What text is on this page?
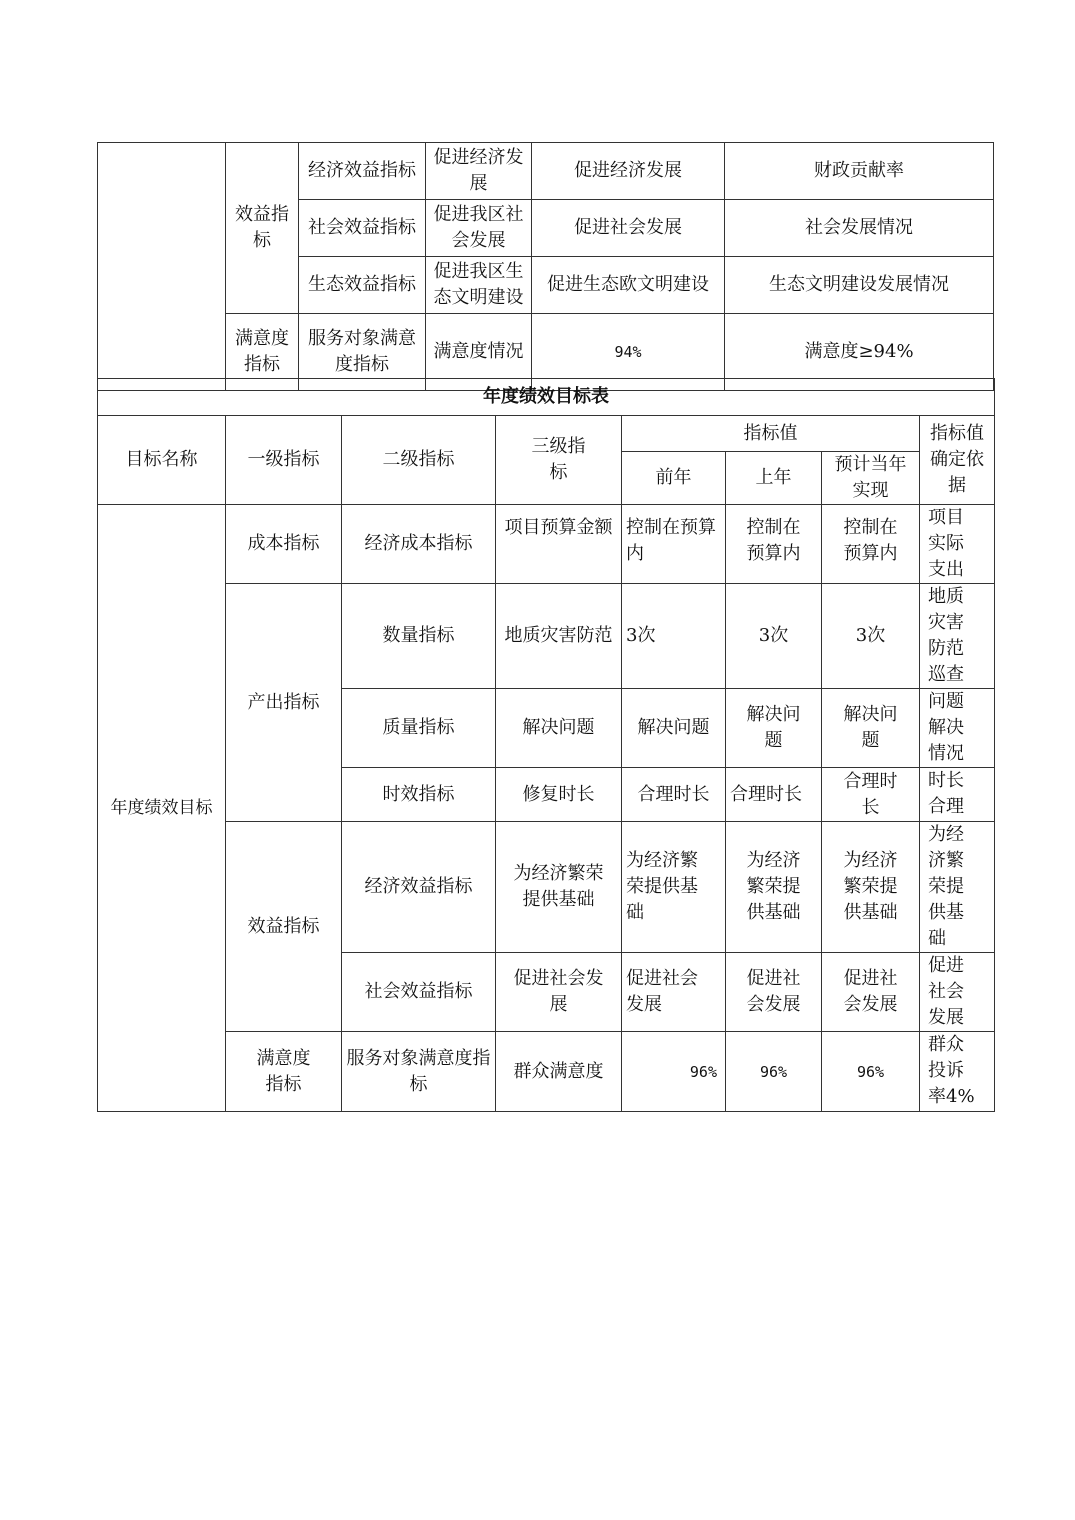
	效益指标	经济效益指标	促进经济发展	促进经济发展	财政贡献率
		社会效益指标	促进我区社会发展	促进社会发展	社会发展情况
		生态效益指标	促进我区生态文明建设	促进生态欧文明建设	生态文明建设发展情况
	满意度指标	服务对象满意度指标	满意度情况	94%	满意度≥94%
年度绩效目标表							
目标名称	一级指标	二级指标	三级指标	指标值			指标值确定依据
				前年	上年	预计当年实现	
年度绩效目标	成本指标	经济成本指标	项目预算金额	控制在预算内	控制在预算内	控制在预算内	项目实际支出
	产出指标	数量指标	地质灾害防范	3次	3次	3次	地质灾害防范巡查
		质量指标	解决问题	解决问题	解决问题	解决问题	问题解决情况
		时效指标	修复时长	合理时长	合理时长	合理时长	时长合理
	效益指标	经济效益指标	为经济繁荣提供基础	为经济繁荣提供基础	为经济繁荣提供基础	为经济繁荣提供基础	为经济繁荣提供基础
		社会效益指标	促进社会发展	促进社会发展	促进社会发展	促进社会发展	促进社会发展
	满意度指标	服务对象满意度指标	群众满意度	96%	96%	96%	群众投诉率4%
